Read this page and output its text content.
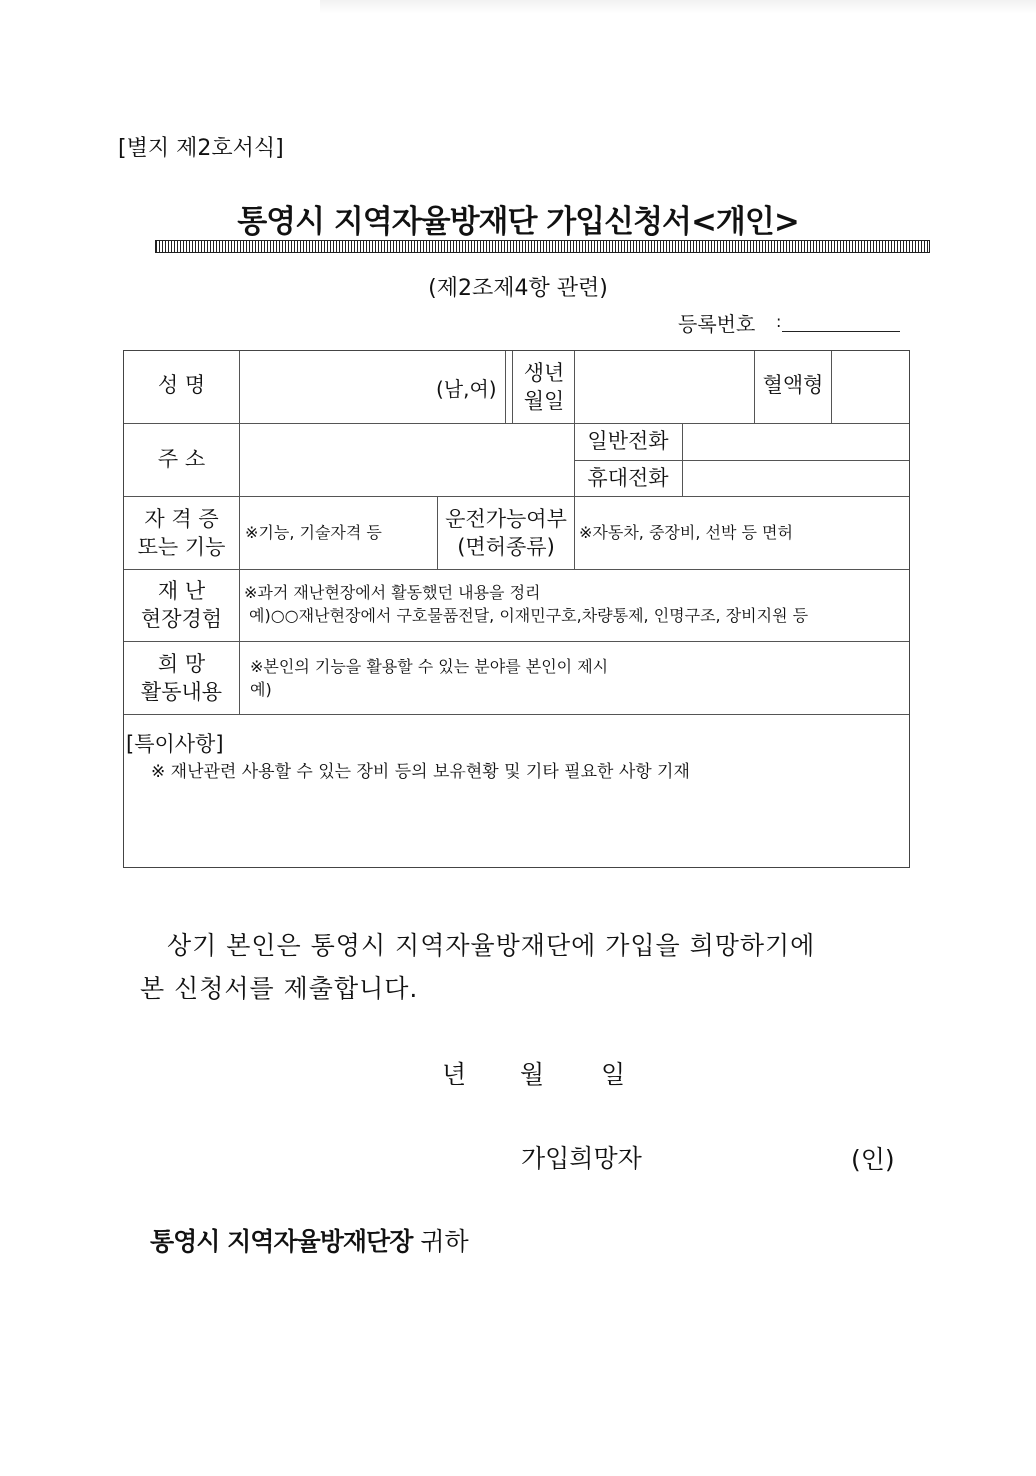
[별지 제2호서식]
통영시 지역자율방재단 가입신청서<개인>
(제2조제4항 관련)
등록번호 :
성 명	(남,여)
생년
월일
혈액형
주 소
일반전화
휴대전화
자 격 증
또는 기능
※기능, 기술자격 등
운전가능여부
(면허종류)
※자동차, 중장비, 선박 등 면허
재 난
현장경험
※과거 재난현장에서 활동했던 내용을 정리
예)○○재난현장에서 구호물품전달, 이재민구호,차량통제, 인명구조, 장비지원 등
희 망
활동내용
※본인의 기능을 활용할 수 있는 분야를 본인이 제시
예)
[특이사항]
※ 재난관련 사용할 수 있는 장비 등의 보유현황 및 기타 필요한 사항 기재
상기 본인은 통영시 지역자율방재단에 가입을 희망하기에
본 신청서를 제출합니다.
년 월 일
가입희망자	(인)
통영시 지역자율방재단장 귀하
